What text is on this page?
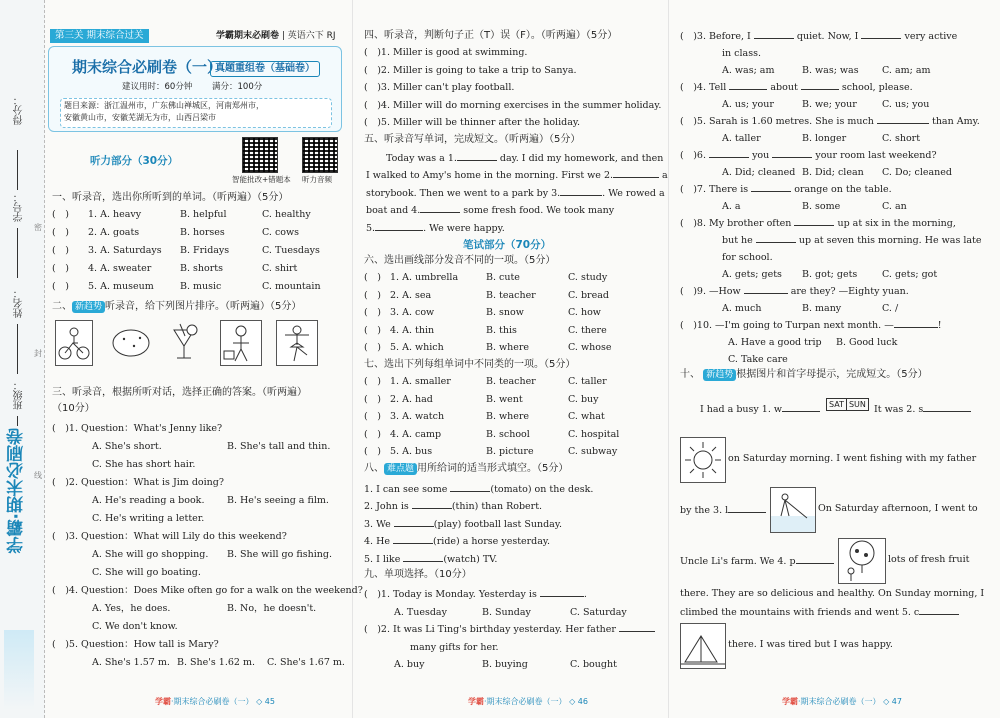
得分：
学号：
姓名：
班级：
密
封
线
学霸·期末必刷卷
第三关 期末综合过关	学霸期末必刷卷 | 英语六下 RJ
期末综合必刷卷（一）
真题重组卷（基础卷）
建议用时：60分钟 满分：100分
题目来源：浙江温州市，广东佛山禅城区，河南郑州市，
安徽黄山市，安徽芜湖无为市，山西吕梁市
智能批改+错题本 听力音频
听力部分（30分）
一、听录音，选出你所听到的单词。（听两遍）（5分）
(　)	1. A. heavy	B. helpful	C. healthy
(　)	2. A. goats	B. horses	C. cows
(　)	3. A. Saturdays	B. Fridays	C. Tuesdays
(　)	4. A. sweater	B. shorts	C. shirt
(　)	5. A. museum	B. music	C. mountain
二、 新趋势 听录音，给下列图片排序。（听两遍）（5分）
三、听录音，根据所听对话，选择正确的答案。（听两遍）
（10分）
(　)1. Question：What's Jenny like?
A. She's short.	B. She's tall and thin.
C. She has short hair.
(　)2. Question：What is Jim doing?
A. He's reading a book.	B. He's seeing a film.
C. He's writing a letter.
(　)3. Question：What will Lily do this weekend?
A. She will go shopping.	B. She will go fishing.
C. She will go boating.
(　)4. Question：Does Mike often go for a walk on the weekend?
A. Yes，he does.	B. No，he doesn't.
C. We don't know.
(　)5. Question：How tall is Mary?
A. She's 1.57 m. B. She's 1.62 m.	C. She's 1.67 m.
学霸·期末综合必刷卷（一） ◇ 45
四、听录音，判断句子正（T）误（F）。（听两遍）（5分）
(　)1. Miller is good at swimming.
(　)2. Miller is going to take a trip to Sanya.
(　)3. Miller can't play football.
(　)4. Miller will do morning exercises in the summer holiday.
(　)5. Miller will be thinner after the holiday.
五、听录音写单词，完成短文。（听两遍）（5分）
Today was a 1.	day. I did my homework, and then
I walked to Amy's home in the morning. First we 2.	a
storybook. Then we went to a park by 3.	. We rowed a
boat and 4.	some fresh food. We took many
5.	. We were happy.
笔试部分（70分）
六、选出画线部分发音不同的一项。（5分）
(　) 1. A. umbrella	B. cute	C. study
(　) 2. A. sea	B. teacher	C. bread
(　) 3. A. cow	B. snow	C. how
(　) 4. A. thin	B. this	C. there
(　) 5. A. which	B. where	C. whose
七、选出下列每组单词中不同类的一项。（5分）
(　) 1. A. smaller	B. teacher	C. taller
(　) 2. A. had	B. went	C. buy
(　) 3. A. watch	B. where	C. what
(　) 4. A. camp	B. school	C. hospital
(　) 5. A. bus	B. picture	C. subway
八、 难点题 用所给词的适当形式填空。（5分）
1. I can see some	(tomato) on the desk.
2. John is	(thin) than Robert.
3. We	(play) football last Sunday.
4. He	(ride) a horse yesterday.
5. I like	(watch) TV.
九、单项选择。（10分）
(　)1. Today is Monday. Yesterday is	.
A. Tuesday	B. Sunday	C. Saturday
(　)2. It was Li Ting's birthday yesterday. Her father
many gifts for her.
A. buy	B. buying	C. bought
学霸·期末综合必刷卷（一） ◇ 46
(　)3. Before, I	quiet. Now, I	very active
in class.
A. was; am	B. was; was	C. am; am
(　)4. Tell	about	school, please.
A. us; your	B. we; your	C. us; you
(　)5. Sarah is 1.60 metres. She is much	than Amy.
A. taller	B. longer	C. short
(　)6.	you	your room last weekend?
A. Did; cleaned B. Did; clean	C. Do; cleaned
(　)7. There is	orange on the table.
A. a	B. some	C. an
(　)8. My brother often	up at six in the morning,
but he	up at seven this morning. He was late
for school.
A. gets; gets	B. got; gets	C. gets; got
(　)9. —How	are they? —Eighty yuan.
A. much	B. many	C. /
(　)10. —I'm going to Turpan next month. —	!
A. Have a good trip	B. Good luck
C. Take care
十、 新趋势 根据图片和首字母提示，完成短文。（5分）
I had a busy 1. w	SAT SUN It was 2. s
on Saturday morning. I went fishing with my father
by the 3. l	On Saturday afternoon, I went to
Uncle Li's farm. We 4. p	lots of fresh fruit
there. They are so delicious and healthy. On Sunday morning, I
climbed the mountains with friends and went 5. c
there. I was tired but I was happy.
学霸·期末综合必刷卷（一） ◇ 47
